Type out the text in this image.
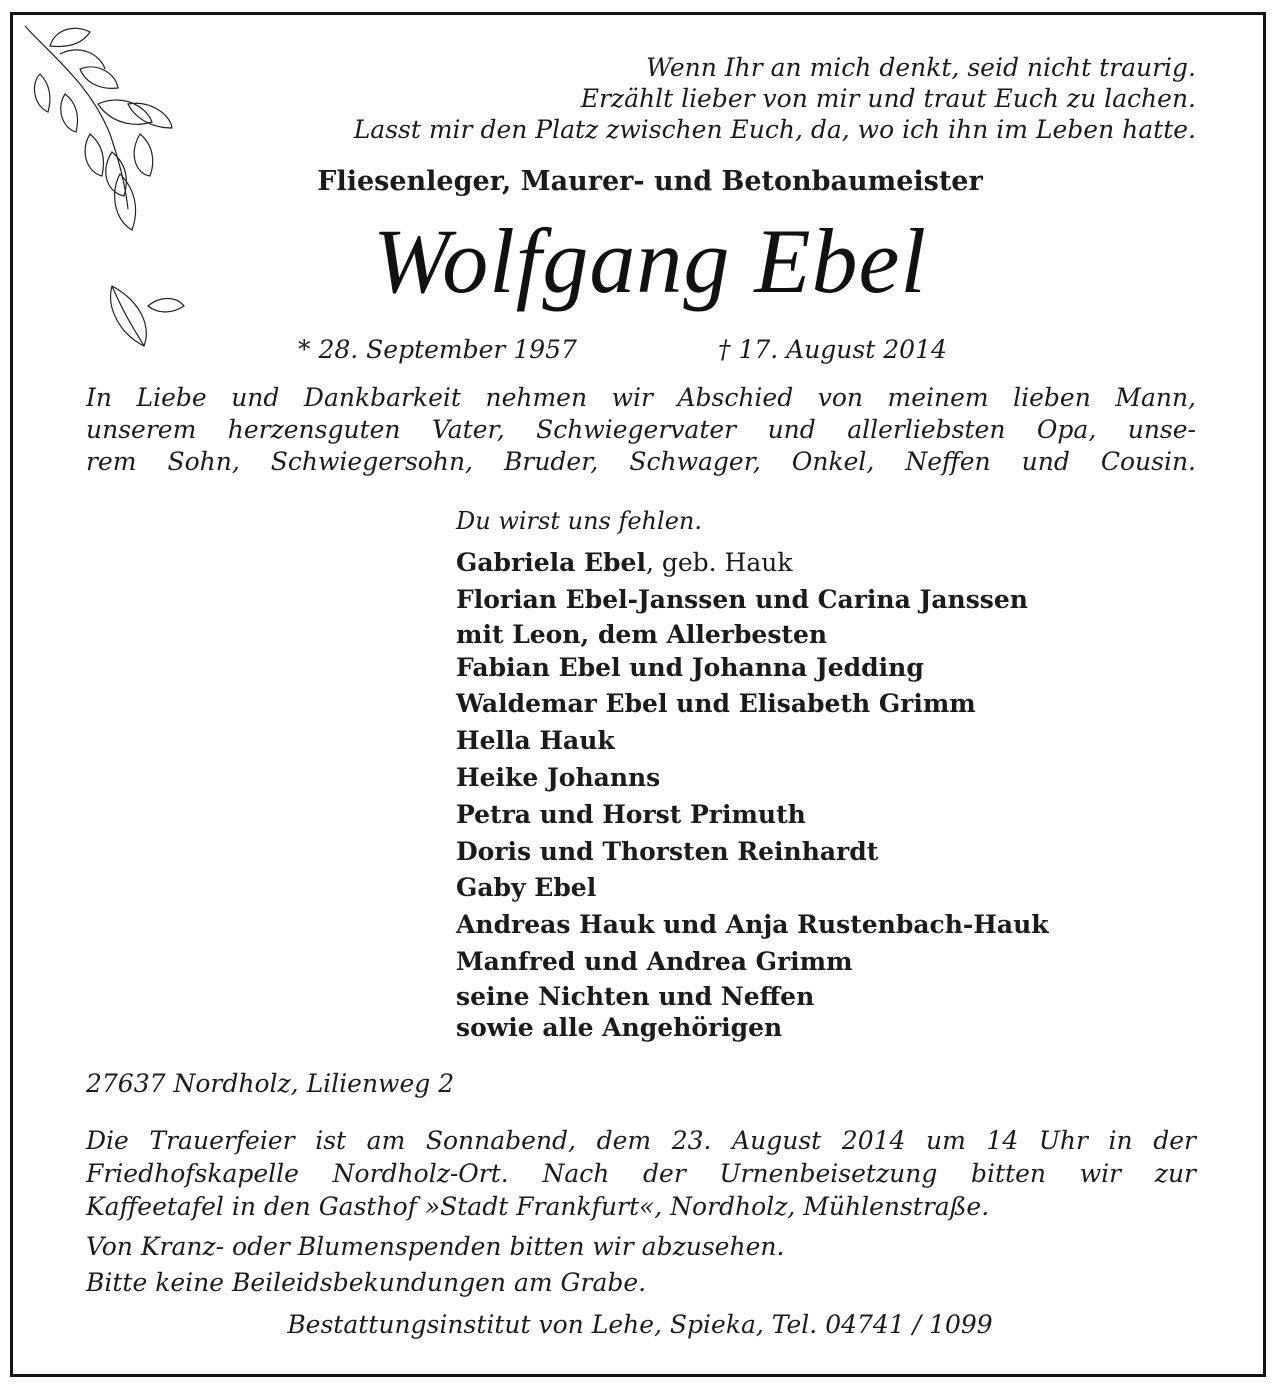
Wenn Ihr an mich denkt, seid nicht traurig.
Erzählt lieber von mir und traut Euch zu lachen.
Lasst mir den Platz zwischen Euch, da, wo ich ihn im Leben hatte.
Fliesenleger, Maurer- und Betonbaumeister
Wolfgang Ebel
* 28. September 1957	† 17. August 2014
In Liebe und Dankbarkeit nehmen wir Abschied von meinem lieben Mann,
unserem herzensguten Vater, Schwiegervater und allerliebsten Opa, unse-
rem Sohn, Schwiegersohn, Bruder, Schwager, Onkel, Neffen und Cousin.
Du wirst uns fehlen.
Gabriela Ebel, geb. Hauk
Florian Ebel-Janssen und Carina Janssen
mit Leon, dem Allerbesten
Fabian Ebel und Johanna Jedding
Waldemar Ebel und Elisabeth Grimm
Hella Hauk
Heike Johanns
Petra und Horst Primuth
Doris und Thorsten Reinhardt
Gaby Ebel
Andreas Hauk und Anja Rustenbach-Hauk
Manfred und Andrea Grimm
seine Nichten und Neffen
sowie alle Angehörigen
27637 Nordholz, Lilienweg 2
Die Trauerfeier ist am Sonnabend, dem 23. August 2014 um 14 Uhr in der
Friedhofskapelle Nordholz-Ort. Nach der Urnenbeisetzung bitten wir zur
Kaffeetafel in den Gasthof »Stadt Frankfurt«, Nordholz, Mühlenstraße.
Von Kranz- oder Blumenspenden bitten wir abzusehen.
Bitte keine Beileidsbekundungen am Grabe.
Bestattungsinstitut von Lehe, Spieka, Tel. 04741 / 1099
